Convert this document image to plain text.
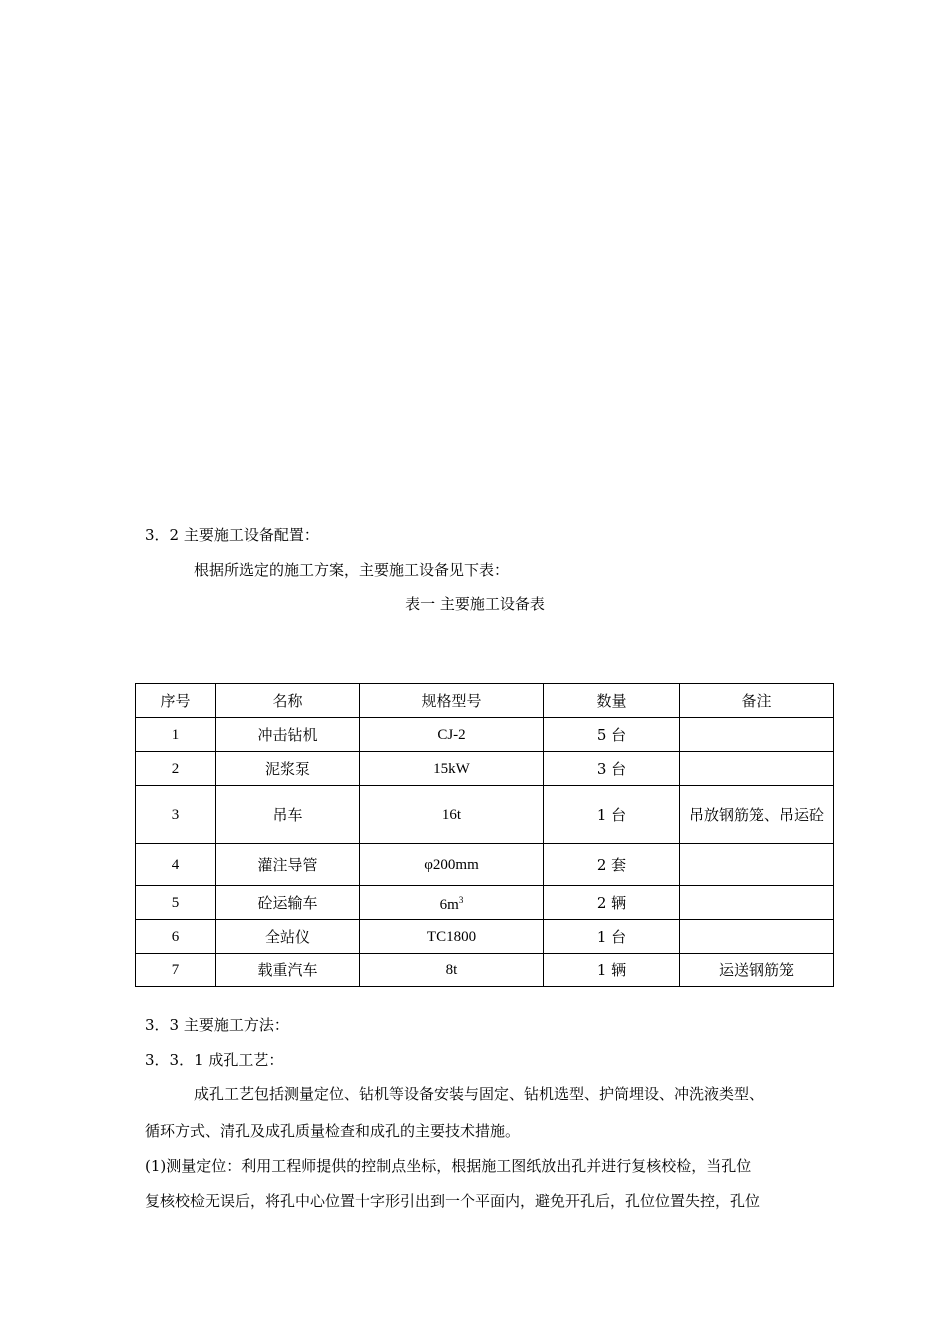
3．2 主要施工设备配置：
根据所选定的施工方案，主要施工设备见下表：
表一 主要施工设备表
序号	名称	规格型号	数量	备注
1	冲击钻机	CJ-2	5 台	
2	泥浆泵	15kW	3 台	
3	吊车	16t	1 台	吊放钢筋笼、吊运砼
4	灌注导管	φ200mm	2 套	
5	砼运输车	$6m^3$	2 辆	
6	全站仪	TC1800	1 台	
7	载重汽车	8t	1 辆	运送钢筋笼
3．3 主要施工方法：
3．3．1 成孔工艺：
成孔工艺包括测量定位、钻机等设备安装与固定、钻机选型、护筒埋设、冲洗液类型、
循环方式、清孔及成孔质量检查和成孔的主要技术措施。
(1)测量定位：利用工程师提供的控制点坐标，根据施工图纸放出孔并进行复核校检，当孔位
复核校检无误后，将孔中心位置十字形引出到一个平面内，避免开孔后，孔位位置失控，孔位
